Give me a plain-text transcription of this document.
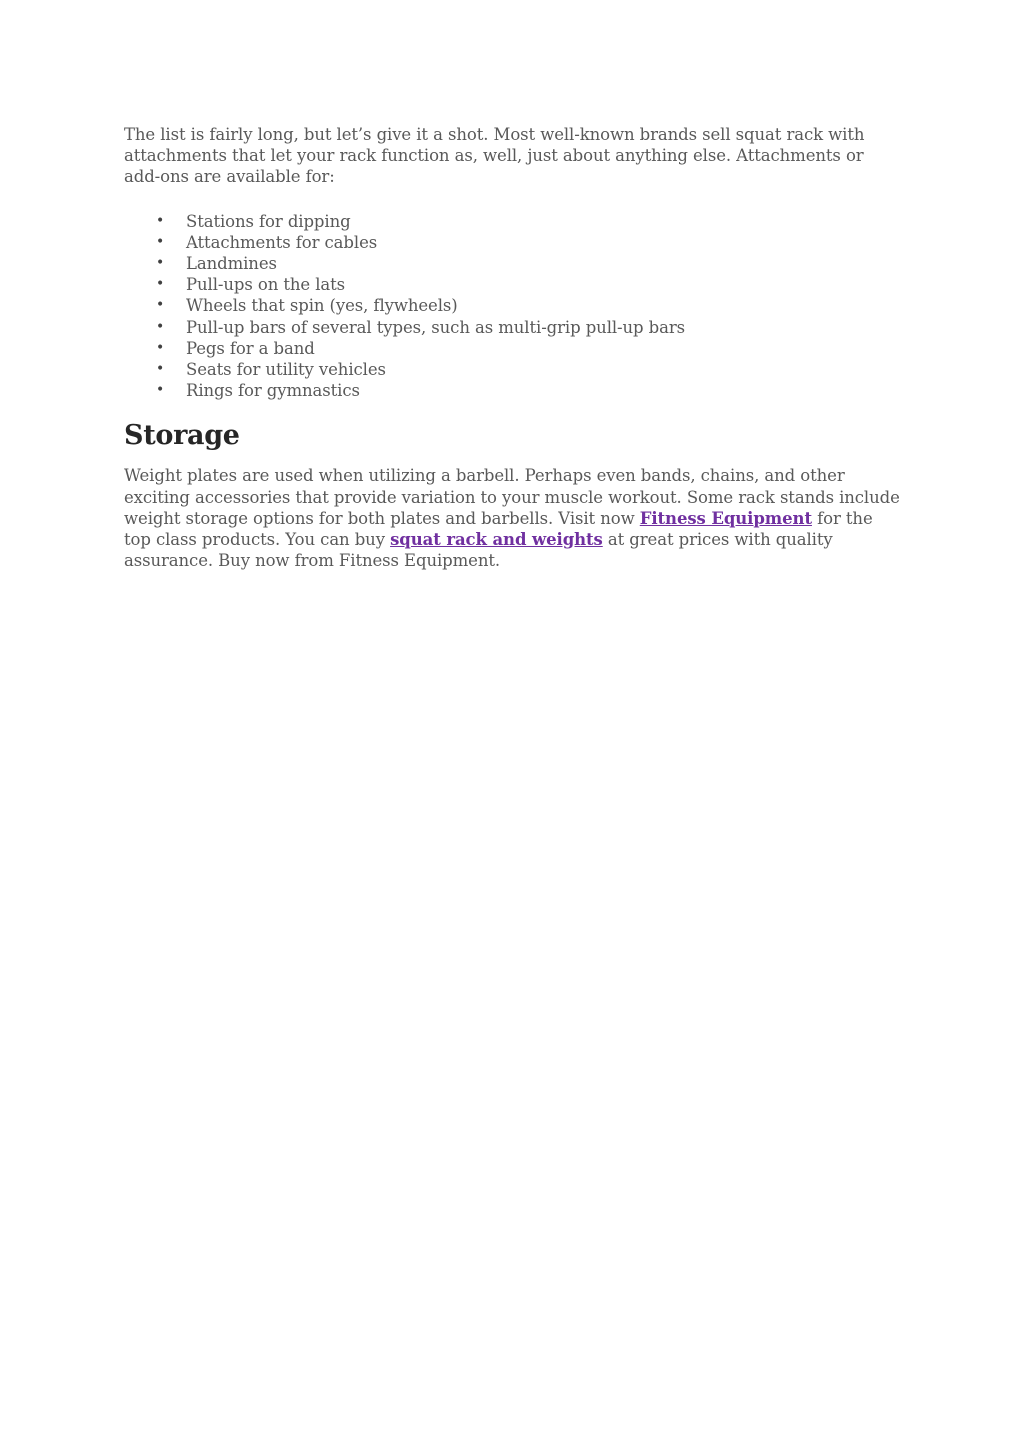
The list is fairly long, but let’s give it a shot. Most well-known brands sell squat rack with attachments that let your rack function as, well, just about anything else. Attachments or add-ons are available for:

• Stations for dipping
• Attachments for cables
• Landmines
• Pull-ups on the lats
• Wheels that spin (yes, flywheels)
• Pull-up bars of several types, such as multi-grip pull-up bars
• Pegs for a band
• Seats for utility vehicles
• Rings for gymnastics
Storage

Weight plates are used when utilizing a barbell. Perhaps even bands, chains, and other exciting accessories that provide variation to your muscle workout. Some rack stands include weight storage options for both plates and barbells. Visit now Fitness Equipment for the top class products. You can buy squat rack and weights at great prices with quality assurance. Buy now from Fitness Equipment.
